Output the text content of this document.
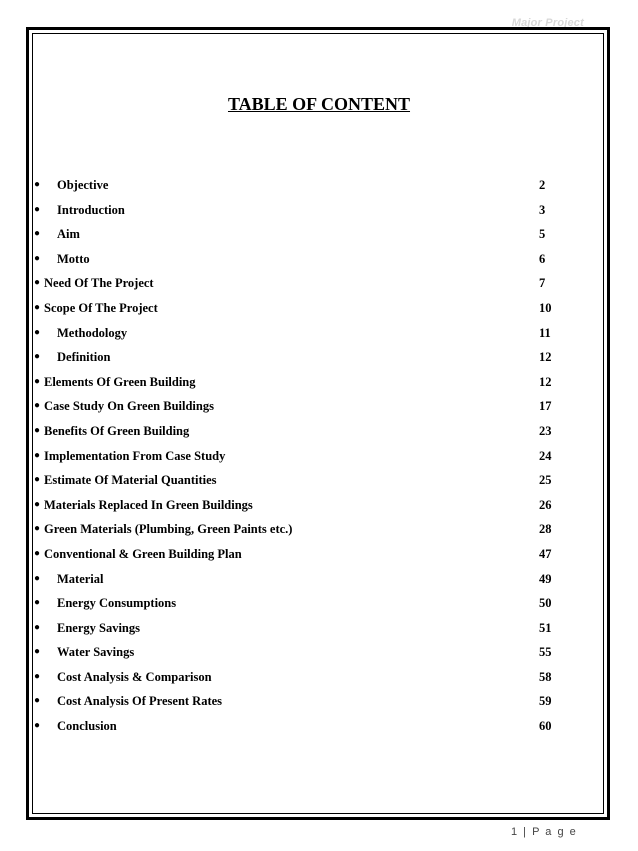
Major Project
TABLE OF CONTENT
● Objective	2
● Introduction	3
● Aim	5
● Motto	6
● Need Of The Project	7
● Scope Of The Project	10
● Methodology	11
● Definition	12
● Elements Of Green Building	12
● Case Study On Green Buildings	17
● Benefits Of Green Building	23
● Implementation From Case Study	24
● Estimate Of Material Quantities	25
● Materials Replaced In Green Buildings	26
● Green Materials (Plumbing, Green Paints etc.)	28
● Conventional & Green Building Plan	47
● Material	49
● Energy Consumptions	50
● Energy Savings	51
● Water Savings	55
● Cost Analysis & Comparison	58
● Cost Analysis Of Present Rates	59
● Conclusion	60
1 | P a g e
